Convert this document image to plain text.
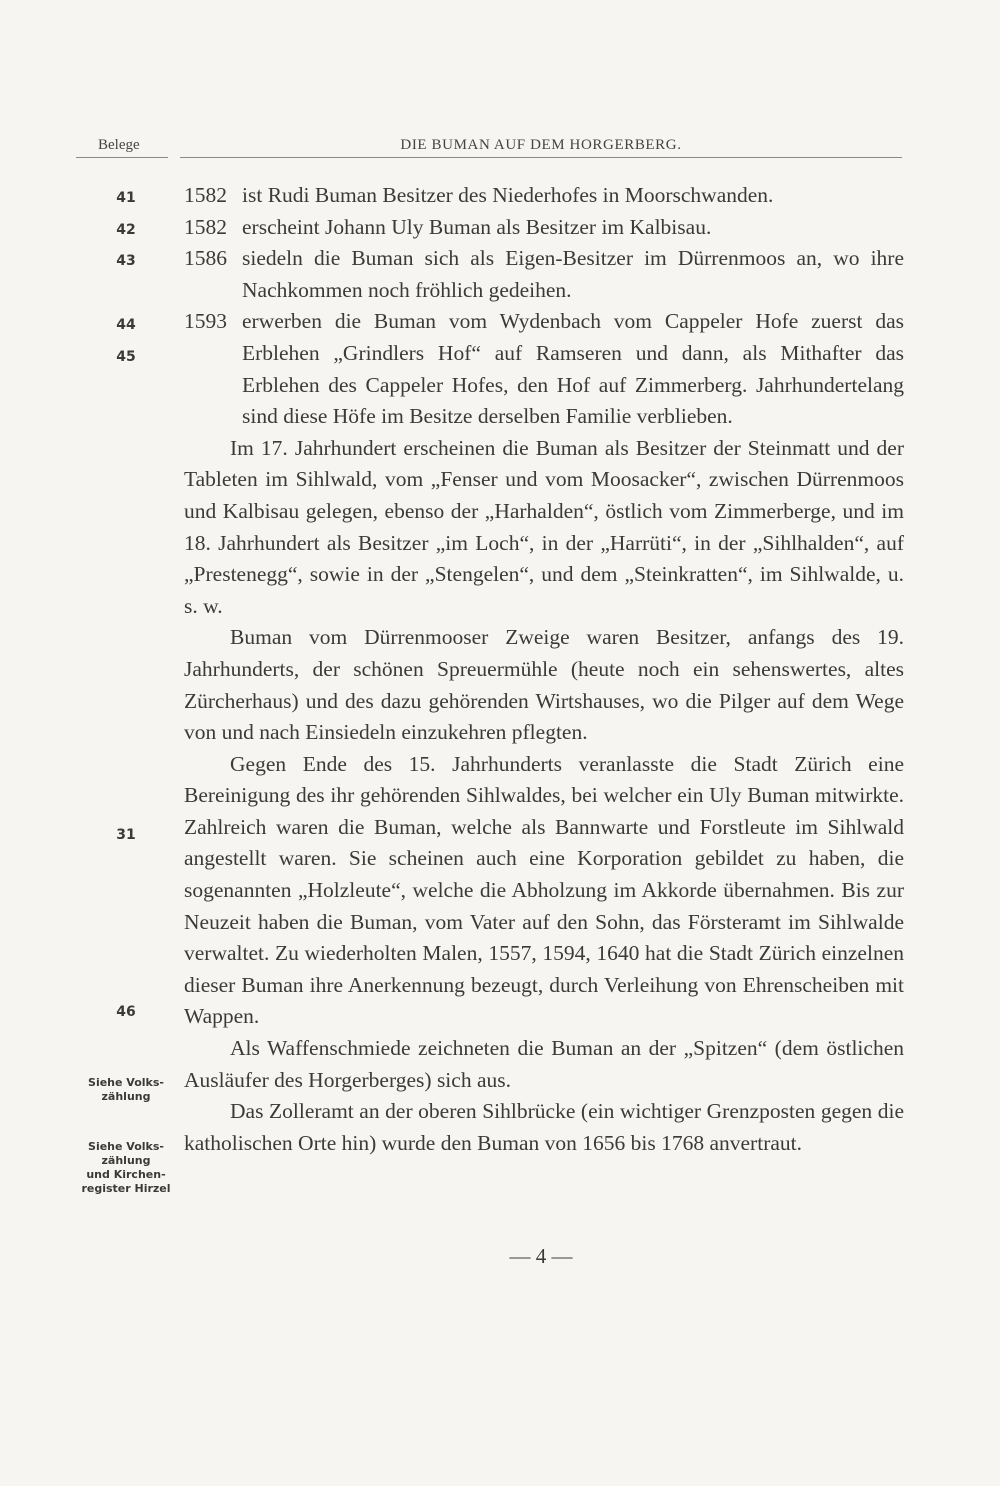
Belege	DIE BUMAN AUF DEM HORGERBERG.
41
42
43
44
45
31
46
Siehe Volks-
zählung
Siehe Volks-
zählung
und Kirchen-
register Hirzel
1582 ist Rudi Buman Besitzer des Niederhofes in Moorschwanden.
1582 erscheint Johann Uly Buman als Besitzer im Kalbisau.
1586 siedeln die Buman sich als Eigen-Besitzer im Dürrenmoos an, wo ihre Nachkommen noch fröhlich gedeihen.
1593 erwerben die Buman vom Wydenbach vom Cappeler Hofe zuerst das Erblehen „Grindlers Hof“ auf Ramseren und dann, als Mithafter das Erblehen des Cappeler Hofes, den Hof auf Zimmerberg. Jahrhundertelang sind diese Höfe im Besitze derselben Familie verblieben.

Im 17. Jahrhundert erscheinen die Buman als Besitzer der Steinmatt und der Tableten im Sihlwald, vom „Fenser und vom Moosacker“, zwischen Dürrenmoos und Kalbisau gelegen, ebenso der „Harhalden“, östlich vom Zimmerberge, und im 18. Jahrhundert als Besitzer „im Loch“, in der „Harrüti“, in der „Sihlhalden“, auf „Prestenegg“, sowie in der „Stengelen“, und dem „Steinkratten“, im Sihlwalde, u. s. w.

Buman vom Dürrenmooser Zweige waren Besitzer, anfangs des 19. Jahrhunderts, der schönen Spreuermühle (heute noch ein sehenswertes, altes Zürcherhaus) und des dazu gehörenden Wirtshauses, wo die Pilger auf dem Wege von und nach Einsiedeln einzukehren pflegten.

Gegen Ende des 15. Jahrhunderts veranlasste die Stadt Zürich eine Bereinigung des ihr gehörenden Sihlwaldes, bei welcher ein Uly Buman mitwirkte. Zahlreich waren die Buman, welche als Bannwarte und Forstleute im Sihlwald angestellt waren. Sie scheinen auch eine Korporation gebildet zu haben, die sogenannten „Holzleute“, welche die Abholzung im Akkorde übernahmen. Bis zur Neuzeit haben die Buman, vom Vater auf den Sohn, das Försteramt im Sihlwalde verwaltet. Zu wiederholten Malen, 1557, 1594, 1640 hat die Stadt Zürich einzelnen dieser Buman ihre Anerkennung bezeugt, durch Verleihung von Ehrenscheiben mit Wappen.

Als Waffenschmiede zeichneten die Buman an der „Spitzen“ (dem östlichen Ausläufer des Horgerberges) sich aus.

Das Zolleramt an der oberen Sihlbrücke (ein wichtiger Grenzposten gegen die katholischen Orte hin) wurde den Buman von 1656 bis 1768 anvertraut.

— 4 —
